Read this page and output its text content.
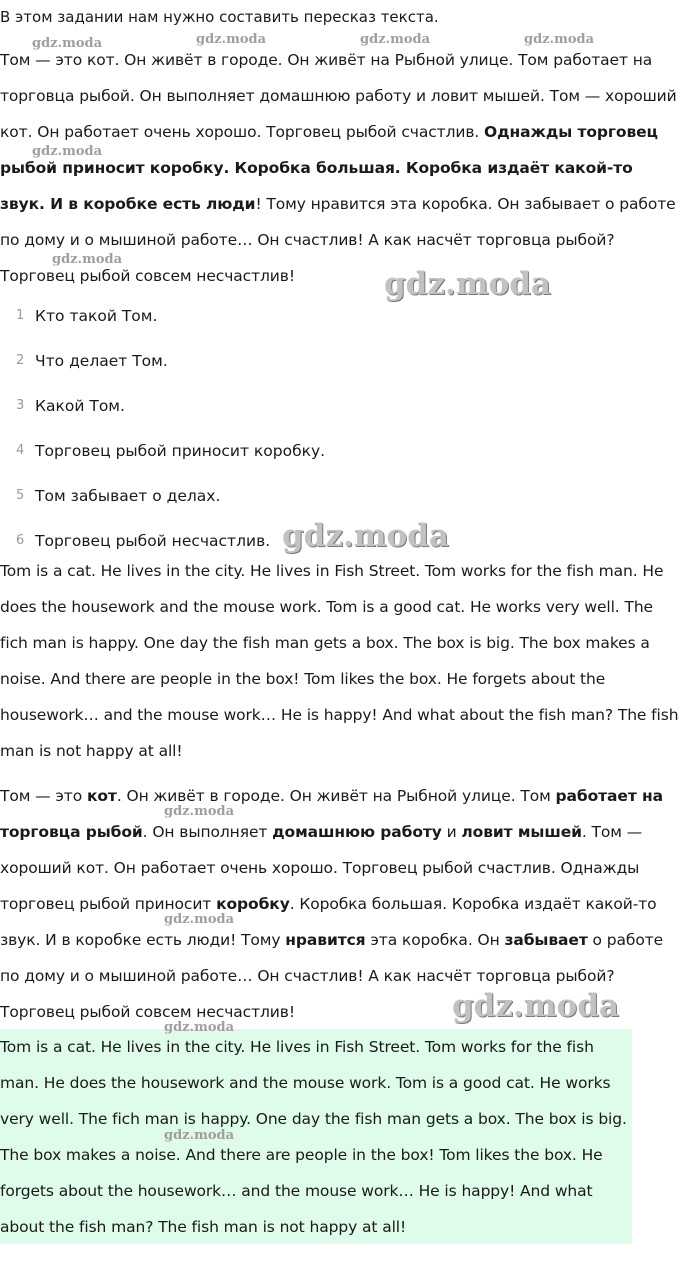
В этом задании нам нужно составить пересказ текста.

Том — это кот. Он живёт в городе. Он живёт на Рыбной улице. Том работает на торговца рыбой. Он выполняет домашнюю работу и ловит мышей. Том — хороший кот. Он работает очень хорошо. Торговец рыбой счастлив. Однажды торговец рыбой приносит коробку. Коробка большая. Коробка издаёт какой-то звук. И в коробке есть люди! Тому нравится эта коробка. Он забывает о работе по дому и о мышиной работе… Он счастлив! А как насчёт торговца рыбой? Торговец рыбой совсем несчастлив!

1 Кто такой Том.
2 Что делает Том.
3 Какой Том.
4 Торговец рыбой приносит коробку.
5 Том забывает о делах.
6 Торговец рыбой несчастлив.

Tom is a cat. He lives in the city. He lives in Fish Street. Tom works for the fish man. He does the housework and the mouse work. Tom is a good cat. He works very well. The fich man is happy. One day the fish man gets a box. The box is big. The box makes a noise. And there are people in the box! Tom likes the box. He forgets about the housework… and the mouse work… He is happy! And what about the fish man? The fish man is not happy at all!

Том — это кот. Он живёт в городе. Он живёт на Рыбной улице. Том работает на торговца рыбой. Он выполняет домашнюю работу и ловит мышей. Том — хороший кот. Он работает очень хорошо. Торговец рыбой счастлив. Однажды торговец рыбой приносит коробку. Коробка большая. Коробка издаёт какой-то звук. И в коробке есть люди! Тому нравится эта коробка. Он забывает о работе по дому и о мышиной работе… Он счастлив! А как насчёт торговца рыбой? Торговец рыбой совсем несчастлив!

Tom is a cat. He lives in the city. He lives in Fish Street. Tom works for the fish man. He does the housework and the mouse work. Tom is a good cat. He works very well. The fich man is happy. One day the fish man gets a box. The box is big. The box makes a noise. And there are people in the box! Tom likes the box. He forgets about the housework… and the mouse work… He is happy! And what about the fish man? The fish man is not happy at all!

gdz.moda	gdz.moda	gdz.moda	gdz.moda
gdz.moda
gdz.moda
gdz.moda
gdz.moda
gdz.moda
gdz.moda
gdz.moda
gdz.moda
gdz.moda
